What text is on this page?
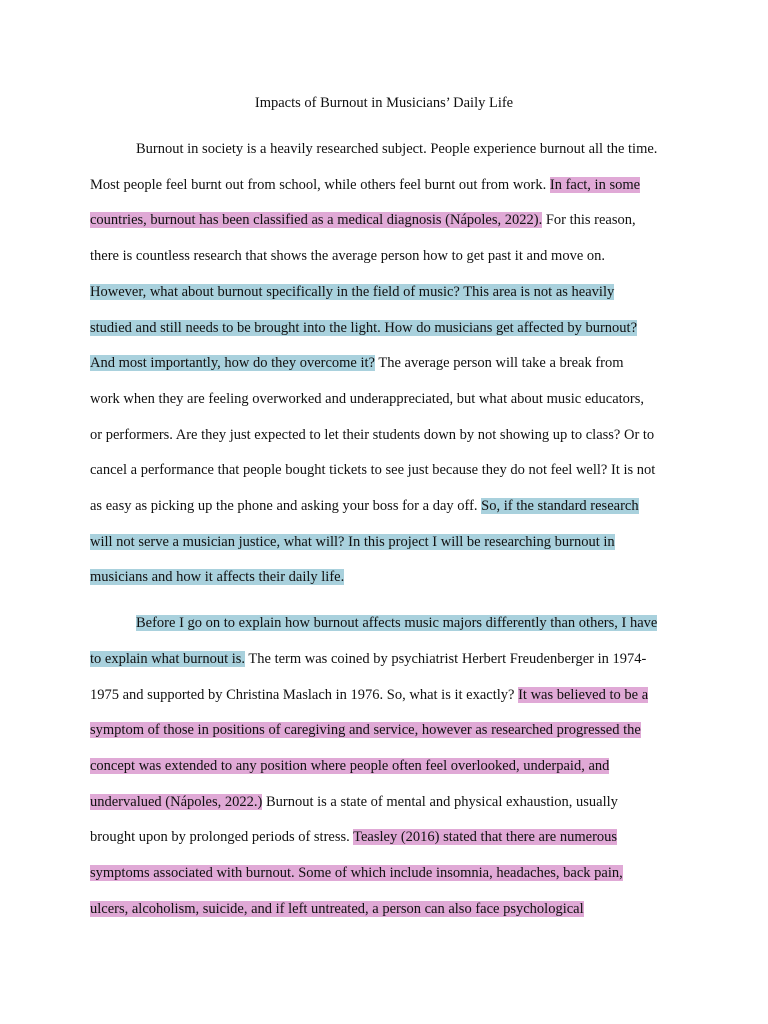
Impacts of Burnout in Musicians’ Daily Life
Burnout in society is a heavily researched subject. People experience burnout all the time.
Most people feel burnt out from school, while others feel burnt out from work. In fact, in some
countries, burnout has been classified as a medical diagnosis (Nápoles, 2022). For this reason,
there is countless research that shows the average person how to get past it and move on.
However, what about burnout specifically in the field of music? This area is not as heavily
studied and still needs to be brought into the light. How do musicians get affected by burnout?
And most importantly, how do they overcome it? The average person will take a break from
work when they are feeling overworked and underappreciated, but what about music educators,
or performers. Are they just expected to let their students down by not showing up to class? Or to
cancel a performance that people bought tickets to see just because they do not feel well? It is not
as easy as picking up the phone and asking your boss for a day off. So, if the standard research
will not serve a musician justice, what will? In this project I will be researching burnout in
musicians and how it affects their daily life.
Before I go on to explain how burnout affects music majors differently than others, I have
to explain what burnout is. The term was coined by psychiatrist Herbert Freudenberger in 1974-
1975 and supported by Christina Maslach in 1976. So, what is it exactly? It was believed to be a
symptom of those in positions of caregiving and service, however as researched progressed the
concept was extended to any position where people often feel overlooked, underpaid, and
undervalued (Nápoles, 2022.) Burnout is a state of mental and physical exhaustion, usually
brought upon by prolonged periods of stress. Teasley (2016) stated that there are numerous
symptoms associated with burnout. Some of which include insomnia, headaches, back pain,
ulcers, alcoholism, suicide, and if left untreated, a person can also face psychological
